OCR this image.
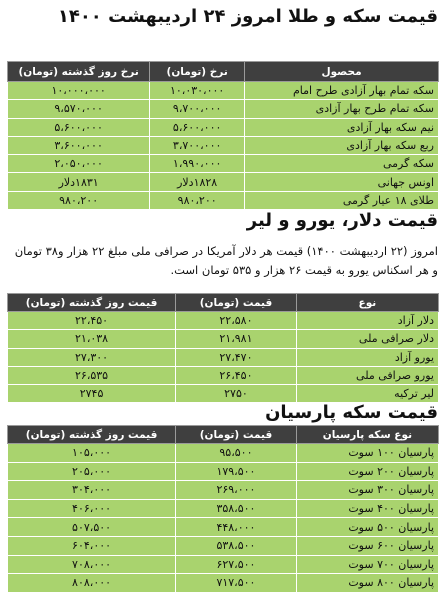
قیمت سکه و طلا امروز ۲۴ اردیبهشت ۱۴۰۰
محصول	نرخ (تومان)	نرخ روز گذشته (تومان)
سکه تمام بهار آزادی طرح امام	۱۰،۰۳۰،۰۰۰	۱۰،۰۰۰،۰۰۰
سکه تمام طرح بهار آزادی	۹،۷۰۰،۰۰۰	۹،۵۷۰،۰۰۰
نیم سکه بهار آزادی	۵،۶۰۰،۰۰۰	۵،۶۰۰،۰۰۰
ربع سکه بهار آزادی	۳،۷۰۰،۰۰۰	۳،۶۰۰،۰۰۰
سکه گرمی	۱،۹۹۰،۰۰۰	۲،۰۵۰،۰۰۰
اونس جهانی	۱۸۲۸دلار	۱۸۳۱دلار
طلای ۱۸ عیار گرمی	۹۸۰،۲۰۰	۹۸۰،۲۰۰
قیمت دلار، یورو و لیر

امروز (۲۲ اردیبهشت ۱۴۰۰) قیمت هر دلار آمریکا در صرافی ملی مبلغ ۲۲ هزار و۳۸ تومان و هر اسکناس یورو به قیمت ۲۶ هزار و ۵۳۵ تومان است.

نوع	قیمت (تومان)	قیمت روز گذشته (تومان)
دلار آزاد	۲۲،۵۸۰	۲۲،۴۵۰
دلار صرافی ملی	۲۱،۹۸۱	۲۱،۰۳۸
یورو آزاد	۲۷،۴۷۰	۲۷،۳۰۰
یورو صرافی ملی	۲۶،۴۵۰	۲۶،۵۳۵
لیر ترکیه	۲۷۵۰	۲۷۴۵
قیمت سکه پارسیان
نوع سکه پارسیان	قیمت (تومان)	قیمت روز گذشته (تومان)
پارسیان ۱۰۰ سوت	۹۵،۵۰۰	۱۰۵،۰۰۰
پارسیان ۲۰۰ سوت	۱۷۹،۵۰۰	۲۰۵،۰۰۰
پارسیان ۳۰۰ سوت	۲۶۹،۰۰۰	۳۰۴،۰۰۰
پارسیان ۴۰۰ سوت	۳۵۸،۵۰۰	۴۰۶،۰۰۰
پارسیان ۵۰۰ سوت	۴۴۸،۰۰۰	۵۰۷،۵۰۰
پارسیان ۶۰۰ سوت	۵۳۸،۵۰۰	۶۰۴،۰۰۰
پارسیان ۷۰۰ سوت	۶۲۷،۵۰۰	۷۰۸،۰۰۰
پارسیان ۸۰۰ سوت	۷۱۷،۵۰۰	۸۰۸،۰۰۰
